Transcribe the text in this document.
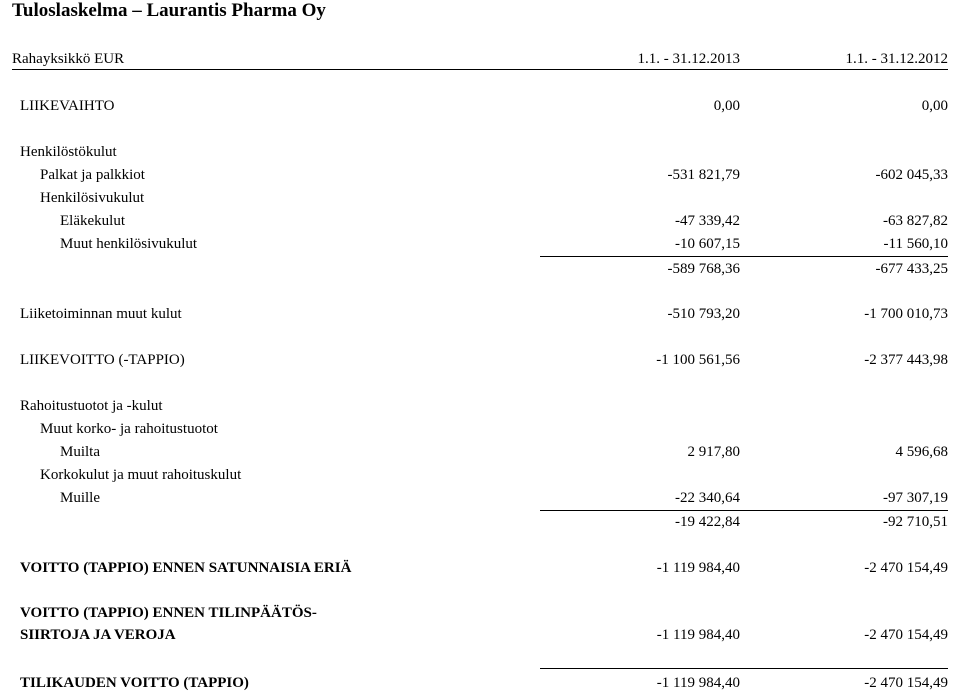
Tuloslaskelma – Laurantis Pharma Oy
Rahayksikkö EUR	1.1. - 31.12.2013	1.1. - 31.12.2012
LIIKEVAIHTO	0,00	0,00
Henkilöstökulut
Palkat ja palkkiot	-531 821,79	-602 045,33
Henkilösivukulut
Eläkekulut	-47 339,42	-63 827,82
Muut henkilösivukulut	-10 607,15	-11 560,10
-589 768,36	-677 433,25
Liiketoiminnan muut kulut	-510 793,20	-1 700 010,73
LIIKEVOITTO (-TAPPIO)	-1 100 561,56	-2 377 443,98
Rahoitustuotot ja -kulut
Muut korko- ja rahoitustuotot
Muilta	2 917,80	4 596,68
Korkokulut ja muut rahoituskulut
Muille	-22 340,64	-97 307,19
-19 422,84	-92 710,51
VOITTO (TAPPIO) ENNEN SATUNNAISIA ERIÄ	-1 119 984,40	-2 470 154,49
VOITTO (TAPPIO) ENNEN TILINPÄÄTÖS-
SIIRTOJA JA VEROJA	-1 119 984,40	-2 470 154,49
TILIKAUDEN VOITTO (TAPPIO)	-1 119 984,40	-2 470 154,49
